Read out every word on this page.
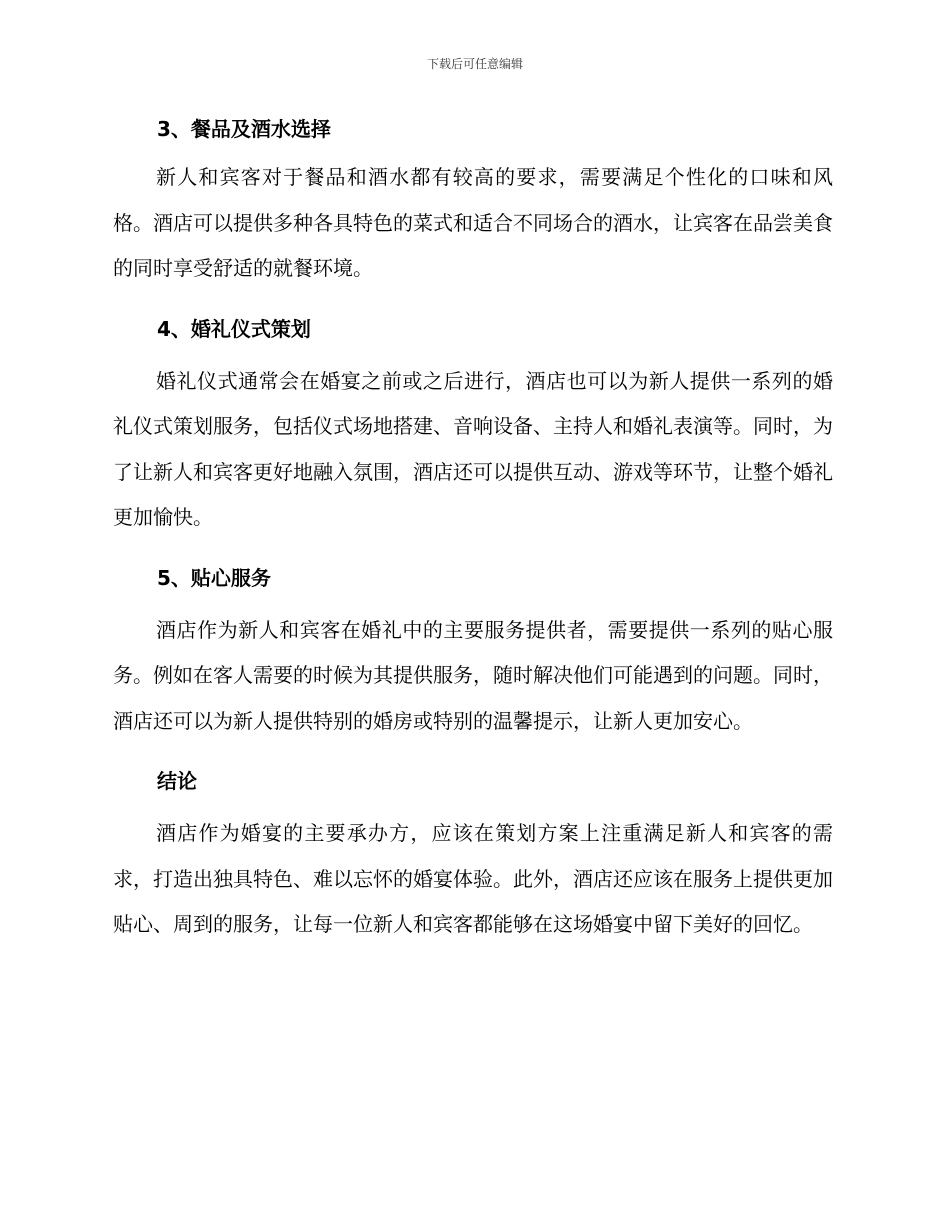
下载后可任意编辑
3、餐品及酒水选择

新人和宾客对于餐品和酒水都有较高的要求，需要满足个性化的口味和风格。酒店可以提供多种各具特色的菜式和适合不同场合的酒水，让宾客在品尝美食的同时享受舒适的就餐环境。

4、婚礼仪式策划

婚礼仪式通常会在婚宴之前或之后进行，酒店也可以为新人提供一系列的婚礼仪式策划服务，包括仪式场地搭建、音响设备、主持人和婚礼表演等。同时，为了让新人和宾客更好地融入氛围，酒店还可以提供互动、游戏等环节，让整个婚礼更加愉快。

5、贴心服务

酒店作为新人和宾客在婚礼中的主要服务提供者，需要提供一系列的贴心服务。例如在客人需要的时候为其提供服务，随时解决他们可能遇到的问题。同时，酒店还可以为新人提供特别的婚房或特别的温馨提示，让新人更加安心。

结论

酒店作为婚宴的主要承办方，应该在策划方案上注重满足新人和宾客的需求，打造出独具特色、难以忘怀的婚宴体验。此外，酒店还应该在服务上提供更加贴心、周到的服务，让每一位新人和宾客都能够在这场婚宴中留下美好的回忆。
